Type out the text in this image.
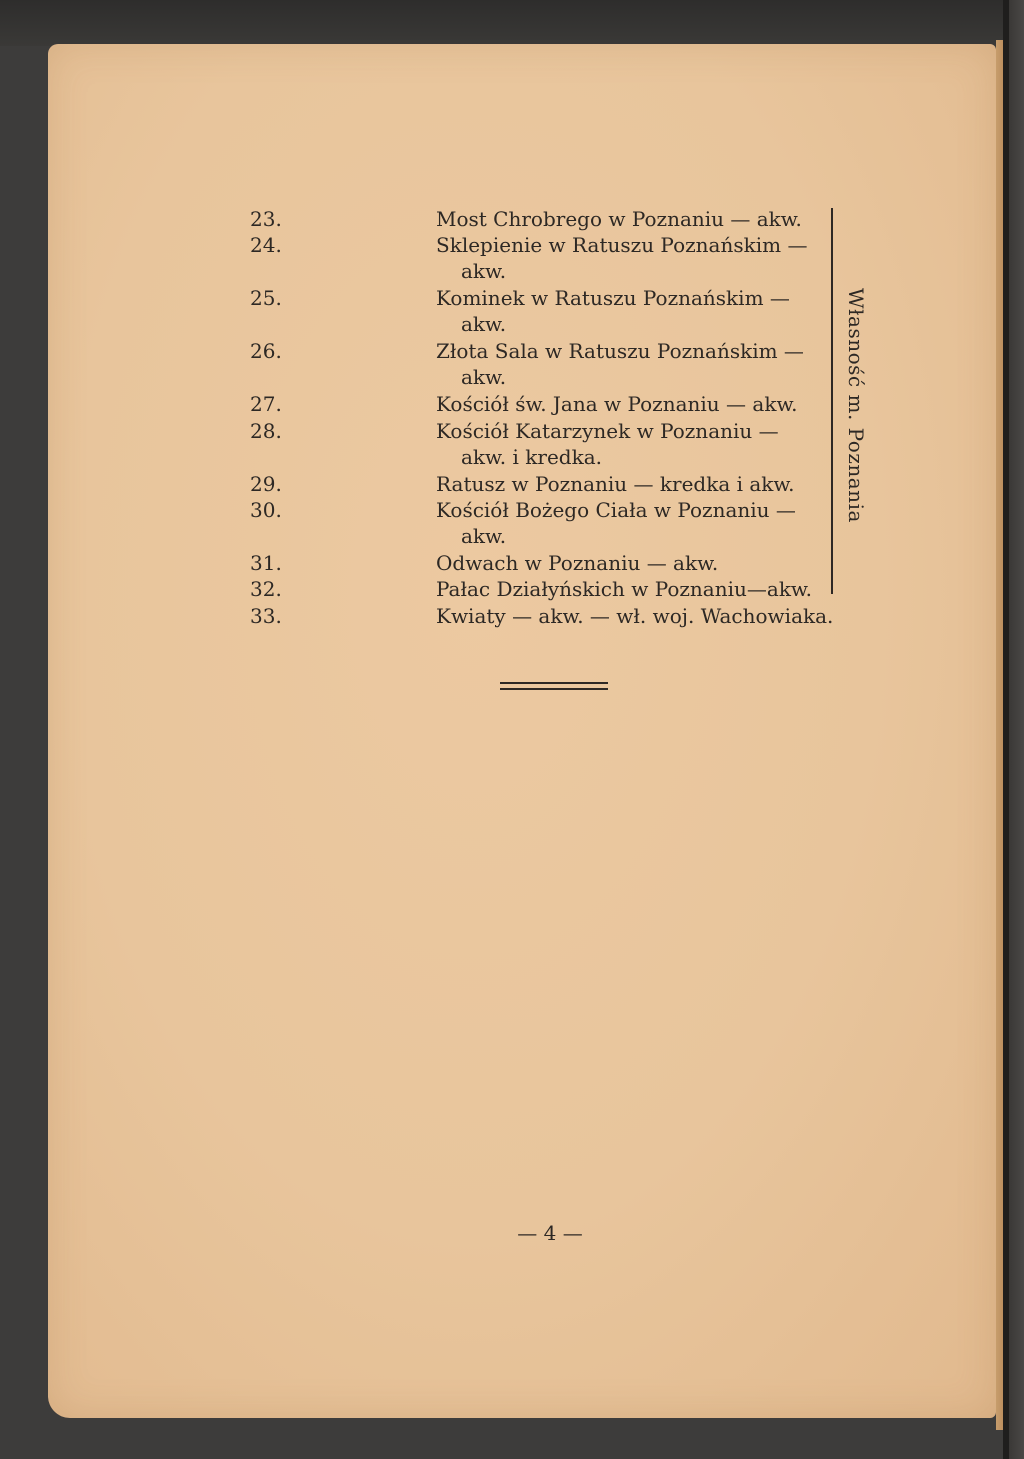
23.	Most Chrobrego w Poznaniu — akw.
24.	Sklepienie w Ratuszu Poznańskim —
akw.
25.	Kominek w Ratuszu Poznańskim —
akw.
26.	Złota Sala w Ratuszu Poznańskim —
akw.
27.	Kościół św. Jana w Poznaniu — akw.
28.	Kościół Katarzynek w Poznaniu —
akw. i kredka.
29.	Ratusz w Poznaniu — kredka i akw.
30.	Kościół Bożego Ciała w Poznaniu —
akw.
31.	Odwach w Poznaniu — akw.
32.	Pałac Działyńskich w Poznaniu—akw.
33.	Kwiaty — akw. — wł. woj. Wachowiaka.
Własność m. Poznania
— 4 —
